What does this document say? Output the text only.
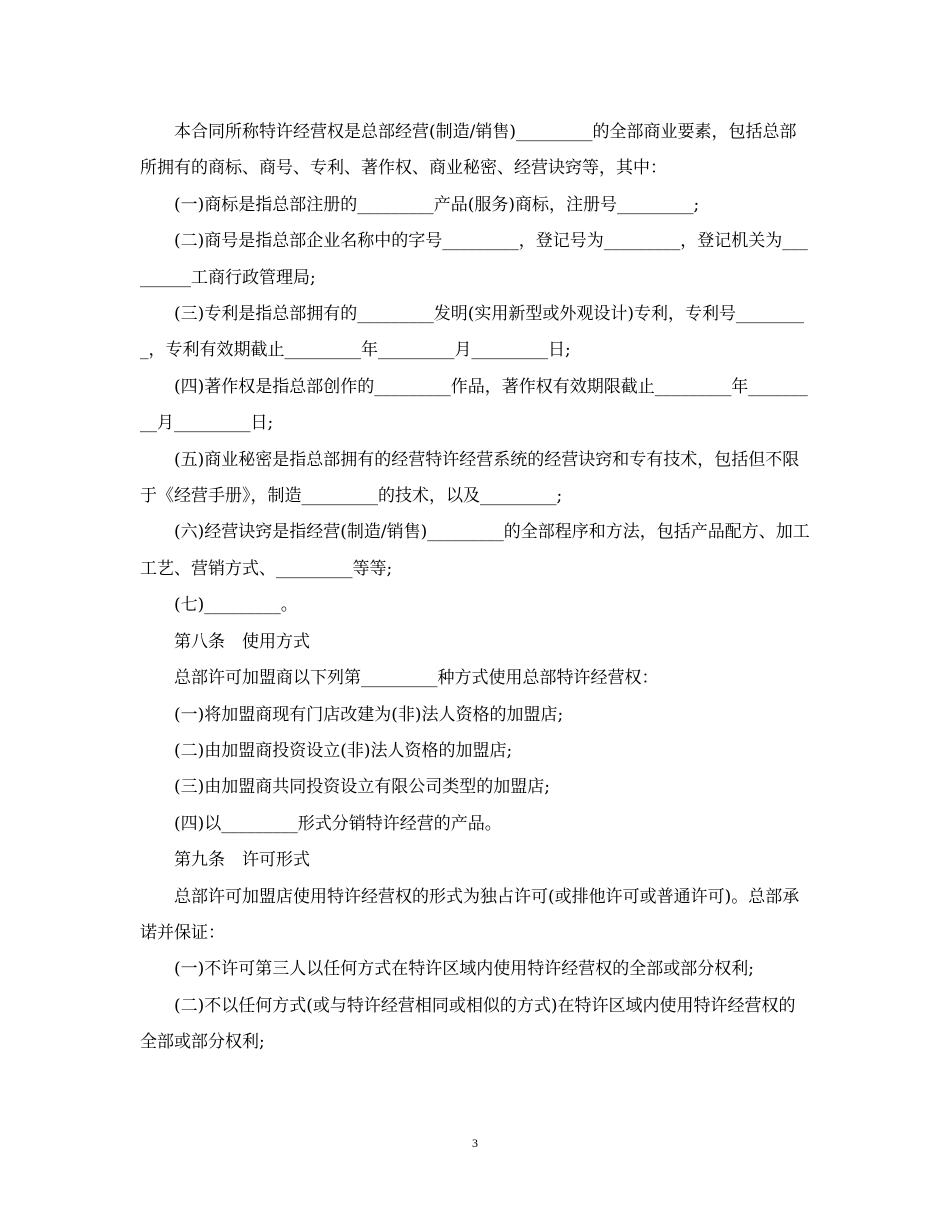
本合同所称特许经营权是总部经营(制造/销售)_________的全部商业要素，包括总部所拥有的商标、商号、专利、著作权、商业秘密、经营诀窍等，其中：

(一)商标是指总部注册的_________产品(服务)商标，注册号_________;

(二)商号是指总部企业名称中的字号_________，登记号为_________，登记机关为_________工商行政管理局;

(三)专利是指总部拥有的_________发明(实用新型或外观设计)专利，专利号_________，专利有效期截止_________年_________月_________日;

(四)著作权是指总部创作的_________作品，著作权有效期限截止_________年_________月_________日;

(五)商业秘密是指总部拥有的经营特许经营系统的经营诀窍和专有技术，包括但不限于《经营手册》，制造_________的技术，以及_________;

(六)经营诀窍是指经营(制造/销售)_________的全部程序和方法，包括产品配方、加工工艺、营销方式、_________等等;

(七)_________。

第八条　使用方式

总部许可加盟商以下列第_________种方式使用总部特许经营权：

(一)将加盟商现有门店改建为(非)法人资格的加盟店;

(二)由加盟商投资设立(非)法人资格的加盟店;

(三)由加盟商共同投资设立有限公司类型的加盟店;

(四)以_________形式分销特许经营的产品。

第九条　许可形式

总部许可加盟店使用特许经营权的形式为独占许可(或排他许可或普通许可)。总部承诺并保证：

(一)不许可第三人以任何方式在特许区域内使用特许经营权的全部或部分权利;

(二)不以任何方式(或与特许经营相同或相似的方式)在特许区域内使用特许经营权的全部或部分权利;

3
